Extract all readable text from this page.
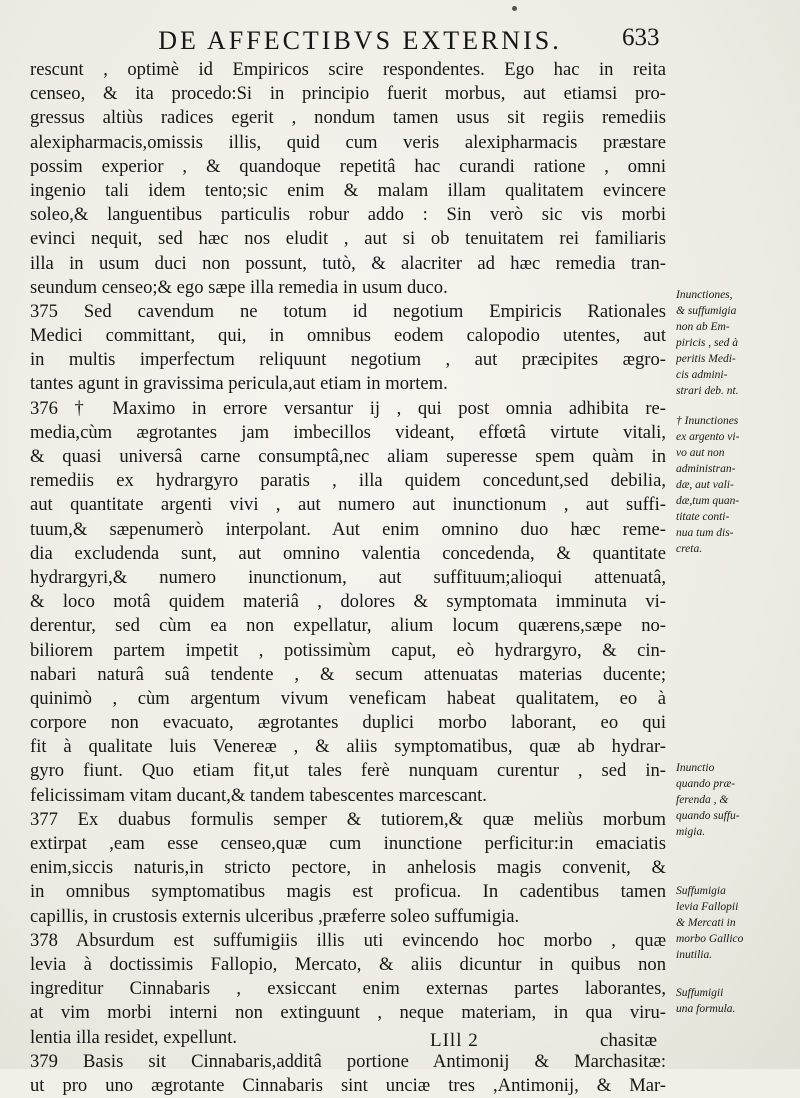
DE AFFECTIBVS EXTERNIS.	633
rescunt , optimè id Empiricos scire respondentes. Ego hac in reita
censeo, & ita procedo:Si in principio fuerit morbus, aut etiamsi pro-
gressus altiùs radices egerit , nondum tamen usus sit regiis remediis
alexipharmacis,omissis illis, quid cum veris alexipharmacis præstare
possim experior , & quandoque repetitâ hac curandi ratione , omni
ingenio tali idem tento;sic enim & malam illam qualitatem evincere
soleo,& languentibus particulis robur addo : Sin verò sic vis morbi
evinci nequit, sed hæc nos eludit , aut si ob tenuitatem rei familiaris
illa in usum duci non possunt, tutò, & alacriter ad hæc remedia tran-
seundum censeo;& ego sæpe illa remedia in usum duco.
375 Sed cavendum ne totum id negotium Empiricis Rationales
Medici committant, qui, in omnibus eodem calopodio utentes, aut
in multis imperfectum reliquunt negotium , aut præcipites ægro-
tantes agunt in gravissima pericula,aut etiam in mortem.
376 † Maximo in errore versantur ij , qui post omnia adhibita re-
media,cùm ægrotantes jam imbecillos videant, effœtâ virtute vitali,
& quasi universâ carne consumptâ,nec aliam superesse spem quàm in
remediis ex hydrargyro paratis , illa quidem concedunt,sed debilia,
aut quantitate argenti vivi , aut numero aut inunctionum , aut suffi-
tuum,& sæpenumerò interpolant. Aut enim omnino duo hæc reme-
dia excludenda sunt, aut omnino valentia concedenda, & quantitate
hydrargyri,& numero inunctionum, aut suffituum;alioqui attenuatâ,
& loco motâ quidem materiâ , dolores & symptomata imminuta vi-
derentur, sed cùm ea non expellatur, alium locum quærens,sæpe no-
biliorem partem impetit , potissimùm caput, eò hydrargyro, & cin-
nabari naturâ suâ tendente , & secum attenuatas materias ducente;
quinimò , cùm argentum vivum veneficam habeat qualitatem, eo à
corpore non evacuato, ægrotantes duplici morbo laborant, eo qui
fit à qualitate luis Venereæ , & aliis symptomatibus, quæ ab hydrar-
gyro fiunt. Quo etiam fit,ut tales ferè nunquam curentur , sed in-
felicissimam vitam ducant,& tandem tabescentes marcescant.
377 Ex duabus formulis semper & tutiorem,& quæ meliùs morbum
extirpat ,eam esse censeo,quæ cum inunctione perficitur:in emaciatis
enim,siccis naturis,in stricto pectore, in anhelosis magis convenit, &
in omnibus symptomatibus magis est proficua. In cadentibus tamen
capillis, in crustosis externis ulceribus ,præferre soleo suffumigia.
378 Absurdum est suffumigiis illis uti evincendo hoc morbo , quæ
levia à doctissimis Fallopio, Mercato, & aliis dicuntur in quibus non
ingreditur Cinnabaris , exsiccant enim externas partes laborantes,
at vim morbi interni non extinguunt , neque materiam, in qua viru-
lentia illa residet, expellunt.
379 Basis sit Cinnabaris,additâ portione Antimonij & Marchasitæ:
ut pro uno ægrotante Cinnabaris sint unciæ tres ,Antimonij, & Mar-
Inunctiones,
& suffumigia
non ab Em-
piricis , sed à
peritis Medi-
cis admini-
strari deb. nt.
† Inunctiones
ex argento vi-
vo aut non
administran-
dæ, aut vali-
dæ,tum quan-
titate conti-
nua tum dis-
creta.
Inunctio
quando præ-
ferenda , &
quando suffu-
migia.
Suffumigia
levia Fallopii
& Mercati in
morbo Gallico
inutilia.
Suffumigii
una formula.
LIll 2	chasitæ
